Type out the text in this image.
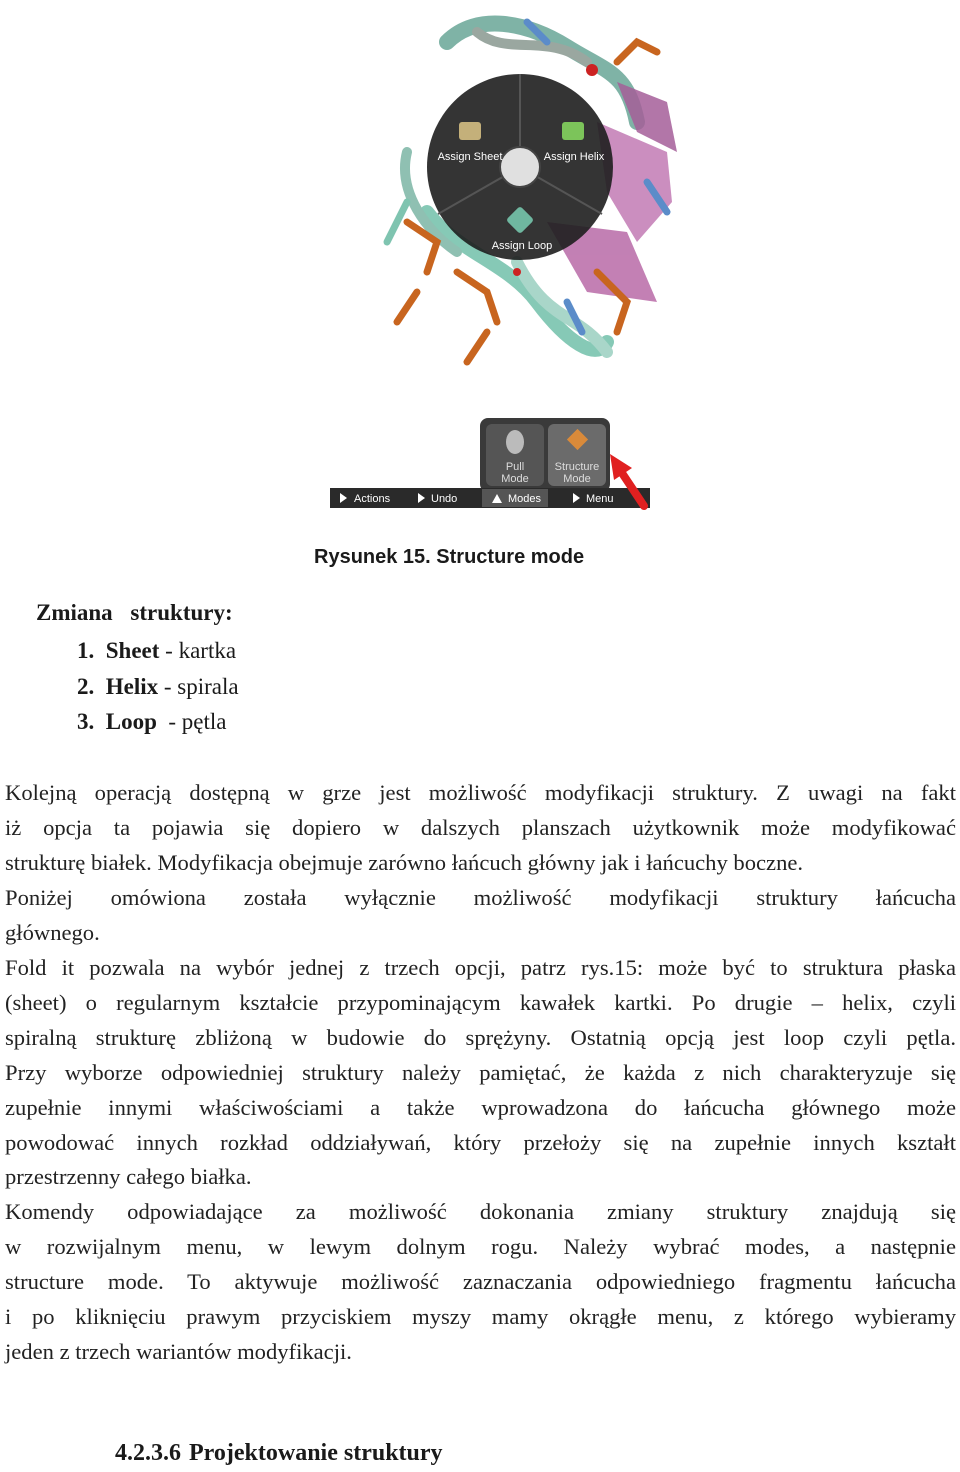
Assign Sheet	Assign Helix
Assign Loop
Pull
Mode
Structure
Mode
Actions	Undo	Modes	Menu
Rysunek 15. Structure mode
Zmiana struktury:
1. Sheet - kartka
2. Helix - spirala
3. Loop  - pętla
Kolejną operacją dostępną w grze jest możliwość modyfikacji struktury. Z uwagi na fakt
iż opcja ta pojawia się dopiero w dalszych planszach użytkownik może modyfikować
strukturę białek. Modyfikacja obejmuje zarówno łańcuch główny jak i łańcuchy boczne.
Poniżej omówiona została wyłącznie możliwość modyfikacji struktury łańcucha
głównego.
Fold it pozwala na wybór jednej z trzech opcji, patrz rys.15: może być to struktura płaska
(sheet) o regularnym kształcie przypominającym kawałek kartki. Po drugie – helix, czyli
spiralną strukturę zbliżoną w budowie do sprężyny. Ostatnią opcją jest loop czyli pętla.
Przy wyborze odpowiedniej struktury należy pamiętać, że każda z nich charakteryzuje się
zupełnie innymi właściwościami a także wprowadzona do łańcucha głównego może
powodować innych rozkład oddziaływań, który przełoży się na zupełnie innych kształt
przestrzenny całego białka.
Komendy odpowiadające za możliwość dokonania zmiany struktury znajdują się
w rozwijalnym menu, w lewym dolnym rogu. Należy wybrać modes, a następnie
structure mode. To aktywuje możliwość zaznaczania odpowiedniego fragmentu łańcucha
i po kliknięciu prawym przyciskiem myszy mamy okrągłe menu, z którego wybieramy
jeden z trzech wariantów modyfikacji.
4.2.3.6 Projektowanie struktury
